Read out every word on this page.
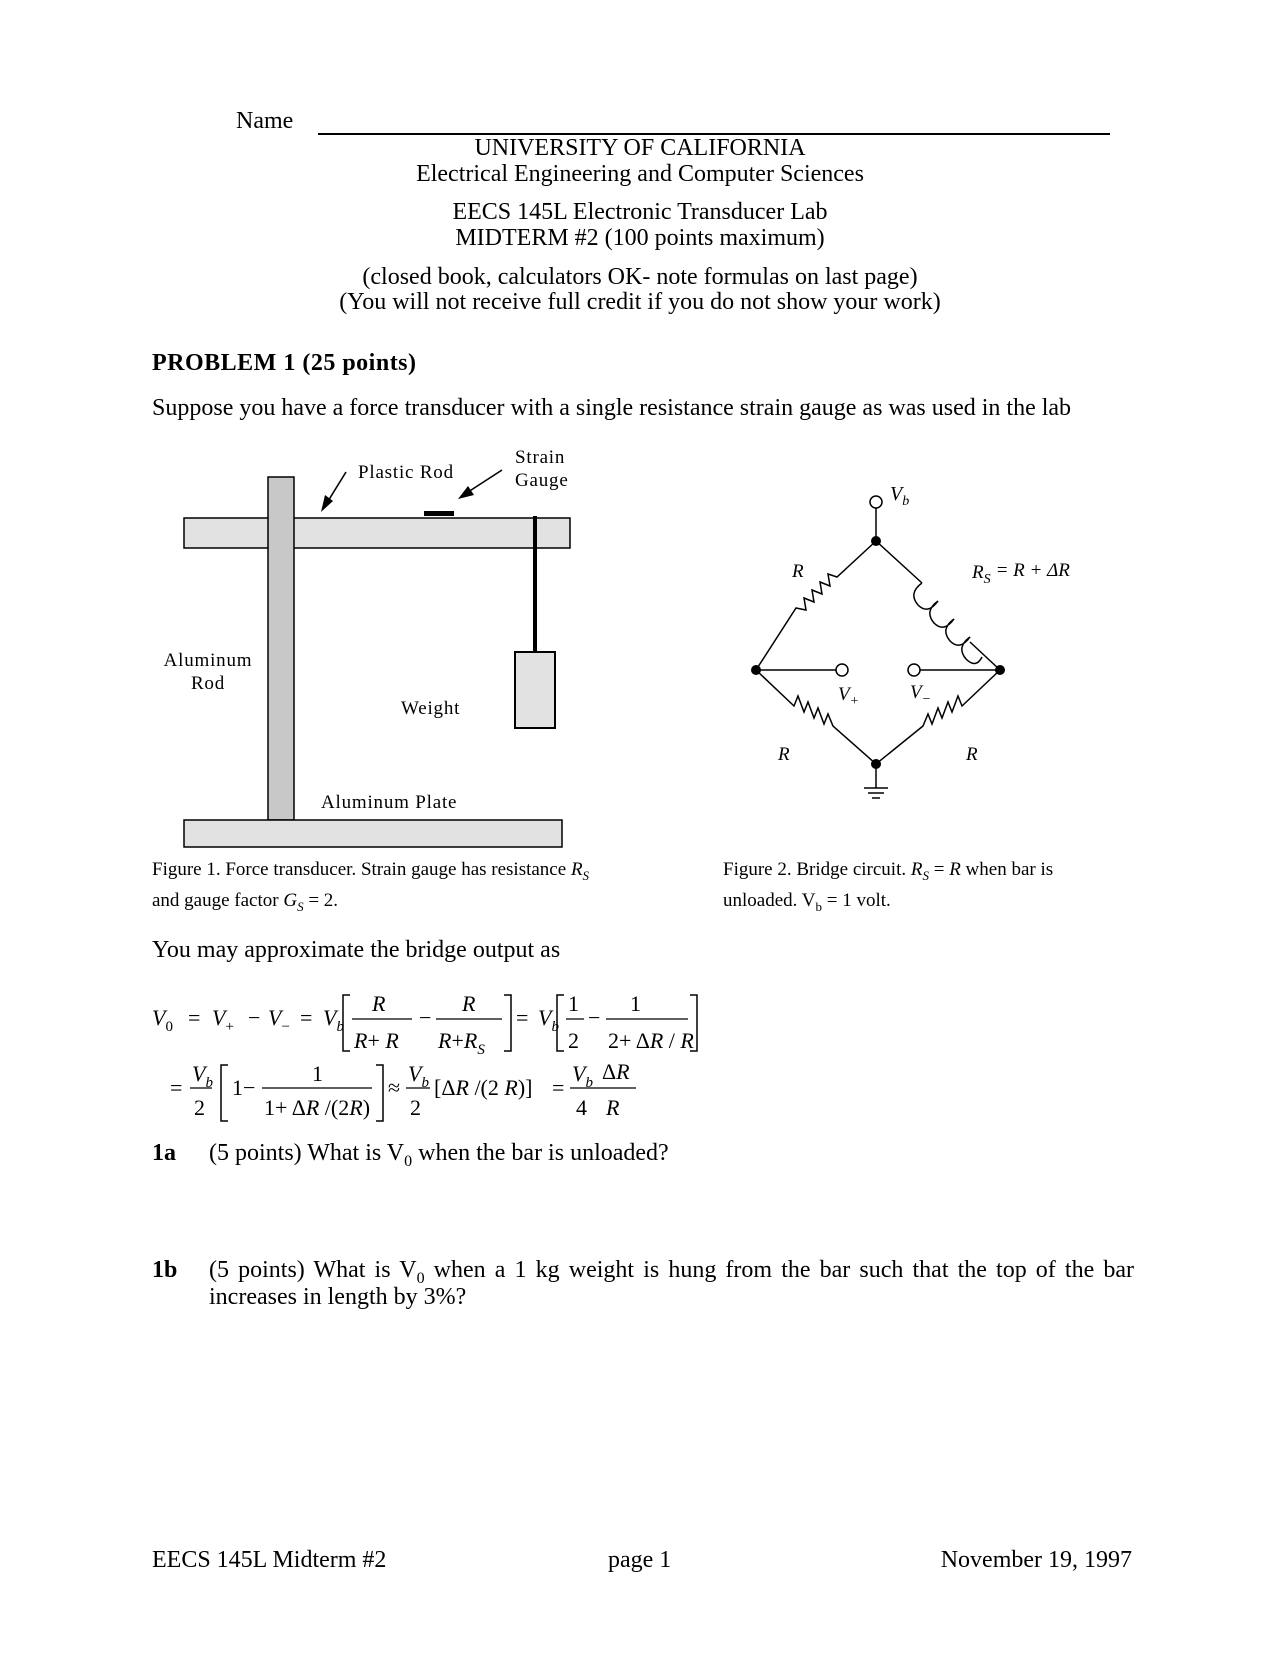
Name
UNIVERSITY OF CALIFORNIA
Electrical Engineering and Computer Sciences
EECS 145L Electronic Transducer Lab
MIDTERM #2 (100 points maximum)
(closed book, calculators OK- note formulas on last page)
(You will not receive full credit if you do not show your work)
PROBLEM 1 (25 points)
Suppose you have a force transducer with a single resistance strain gauge as was used in the lab
Plastic Rod
Strain
Gauge
Aluminum
Rod
Weight
Aluminum Plate
$V_b$
R	$R_S = R + \Delta R$
$V_+$	$V_-$
R	R
Figure 1. Force transducer. Strain gauge has resistance $R_S$
and gauge factor $G_S = 2$.
Figure 2. Bridge circuit. $R_S = R$ when bar is
unloaded. $V_b = 1$ volt.
You may approximate the bridge output as
$V_0 = V_+ - V_- = V_b$
R
R+ R
−
R
$R+R_S$
= $V_b$
1
2
−
1
2+ ΔR / R
=
$V_b$
2
1−
1
1+ ΔR /(2R)
≈
$V_b$
2
[ΔR /(2 R)] =
$V_b$ ΔR
4 R
1a (5 points) What is $V_0$ when the bar is unloaded?
1b (5 points) What is $V_0$ when a 1 kg weight is hung from the bar such that the top of the bar
increases in length by 3%?
EECS 145L Midterm #2	page 1	November 19, 1997
